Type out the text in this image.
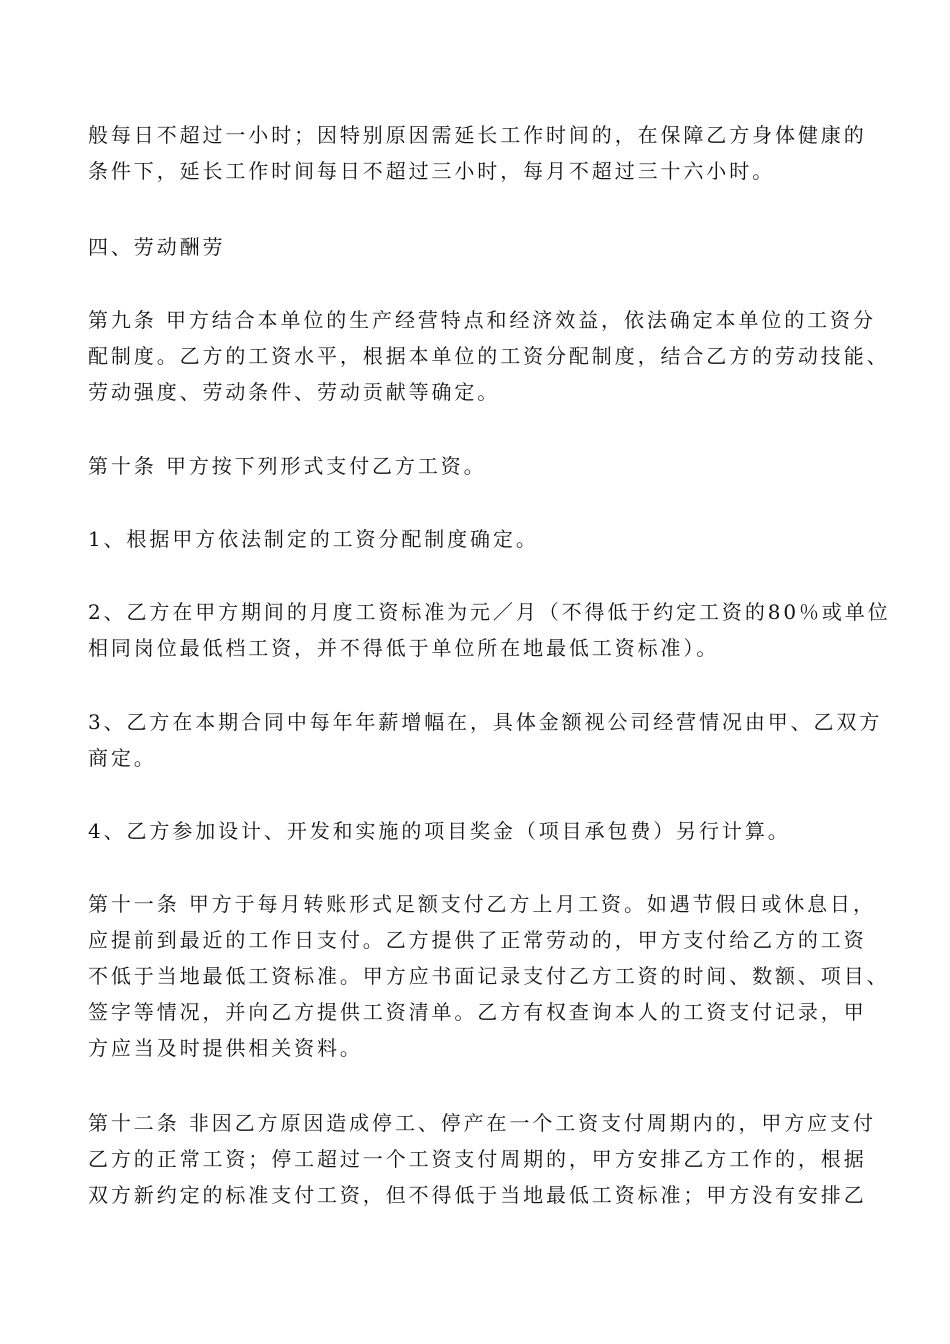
般每日不超过一小时；因特别原因需延长工作时间的，在保障乙方身体健康的
条件下，延长工作时间每日不超过三小时，每月不超过三十六小时。
四、劳动酬劳
第九条 甲方结合本单位的生产经营特点和经济效益，依法确定本单位的工资分
配制度。乙方的工资水平，根据本单位的工资分配制度，结合乙方的劳动技能、
劳动强度、劳动条件、劳动贡献等确定。
第十条 甲方按下列形式支付乙方工资。
1、根据甲方依法制定的工资分配制度确定。
2、乙方在甲方期间的月度工资标准为元／月（不得低于约定工资的80％或单位
相同岗位最低档工资，并不得低于单位所在地最低工资标准）。
3、乙方在本期合同中每年年薪增幅在，具体金额视公司经营情况由甲、乙双方
商定。
4、乙方参加设计、开发和实施的项目奖金（项目承包费）另行计算。
第十一条 甲方于每月转账形式足额支付乙方上月工资。如遇节假日或休息日，
应提前到最近的工作日支付。乙方提供了正常劳动的，甲方支付给乙方的工资
不低于当地最低工资标准。甲方应书面记录支付乙方工资的时间、数额、项目、
签字等情况，并向乙方提供工资清单。乙方有权查询本人的工资支付记录，甲
方应当及时提供相关资料。
第十二条 非因乙方原因造成停工、停产在一个工资支付周期内的，甲方应支付
乙方的正常工资；停工超过一个工资支付周期的，甲方安排乙方工作的，根据
双方新约定的标准支付工资，但不得低于当地最低工资标准；甲方没有安排乙
